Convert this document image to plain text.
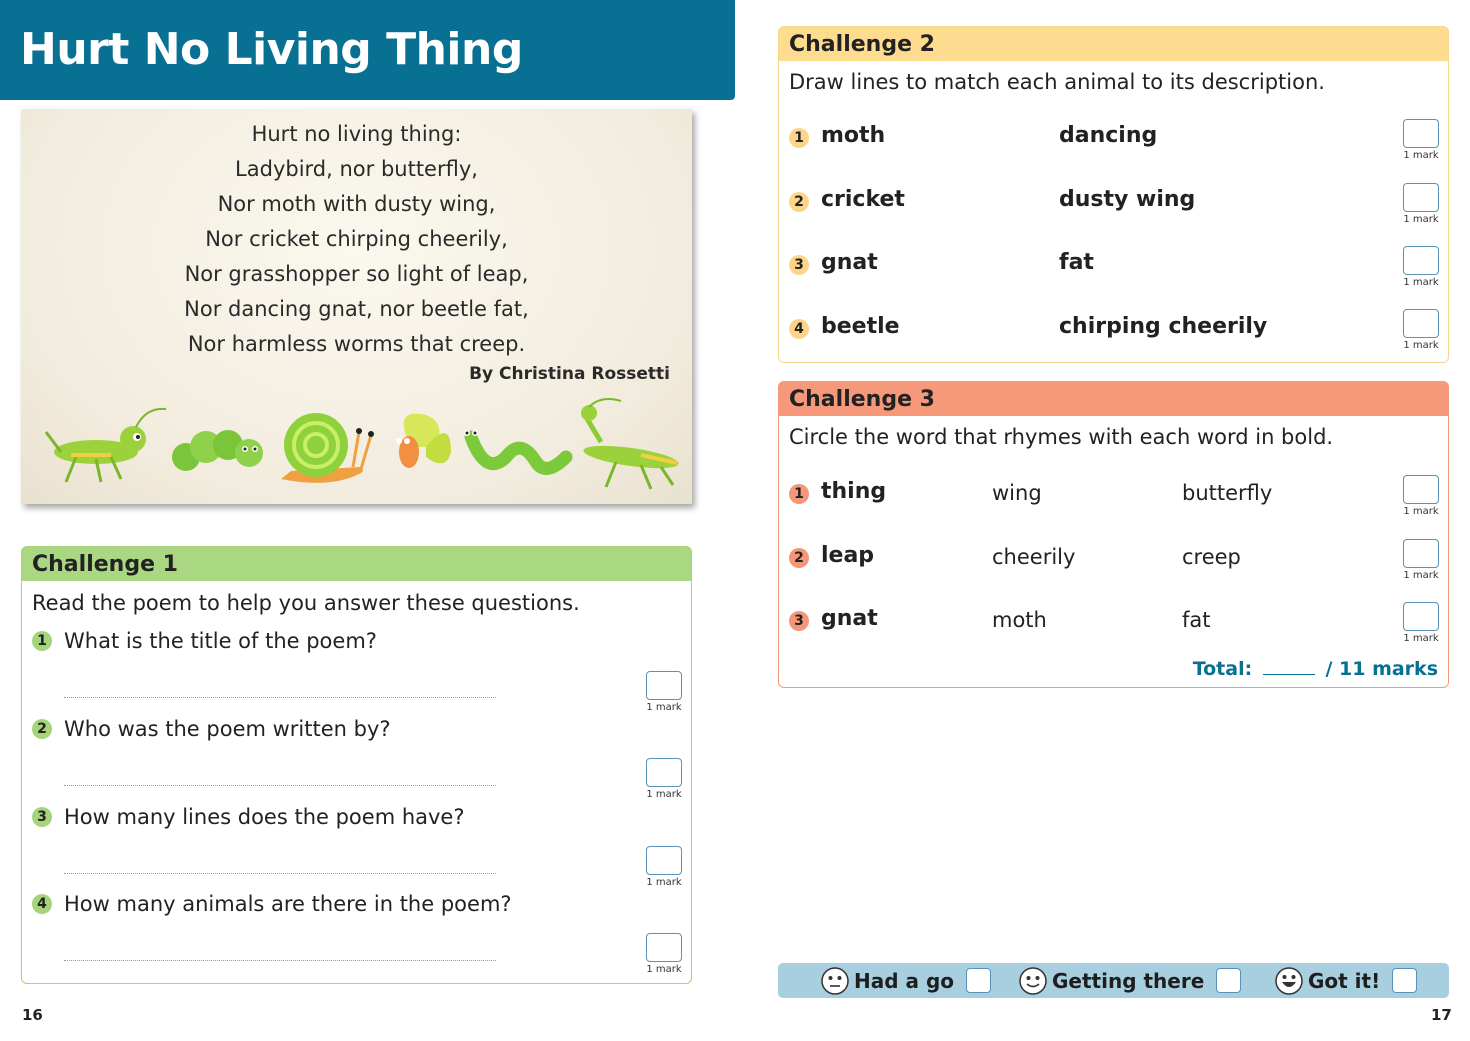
Hurt No Living Thing
Hurt no living thing:
Ladybird, nor butterfly,
Nor moth with dusty wing,
Nor cricket chirping cheerily,
Nor grasshopper so light of leap,
Nor dancing gnat, nor beetle fat,
Nor harmless worms that creep.
By Christina Rossetti
Challenge 1
Read the poem to help you answer these questions.
1 What is the title of the poem?
1 mark
2 Who was the poem written by?
1 mark
3 How many lines does the poem have?
1 mark
4 How many animals are there in the poem?
1 mark
16
Challenge 2
Draw lines to match each animal to its description.
1 moth	dancing
1 mark
2 cricket	dusty wing
1 mark
3 gnat	fat
1 mark
4 beetle	chirping cheerily
1 mark
Challenge 3
Circle the word that rhymes with each word in bold.
1 thing	wing	butterfly
1 mark
2 leap	cheerily	creep
1 mark
3 gnat	moth	fat
1 mark
Total:	/ 11 marks
Had a go	Getting there	Got it!
17
